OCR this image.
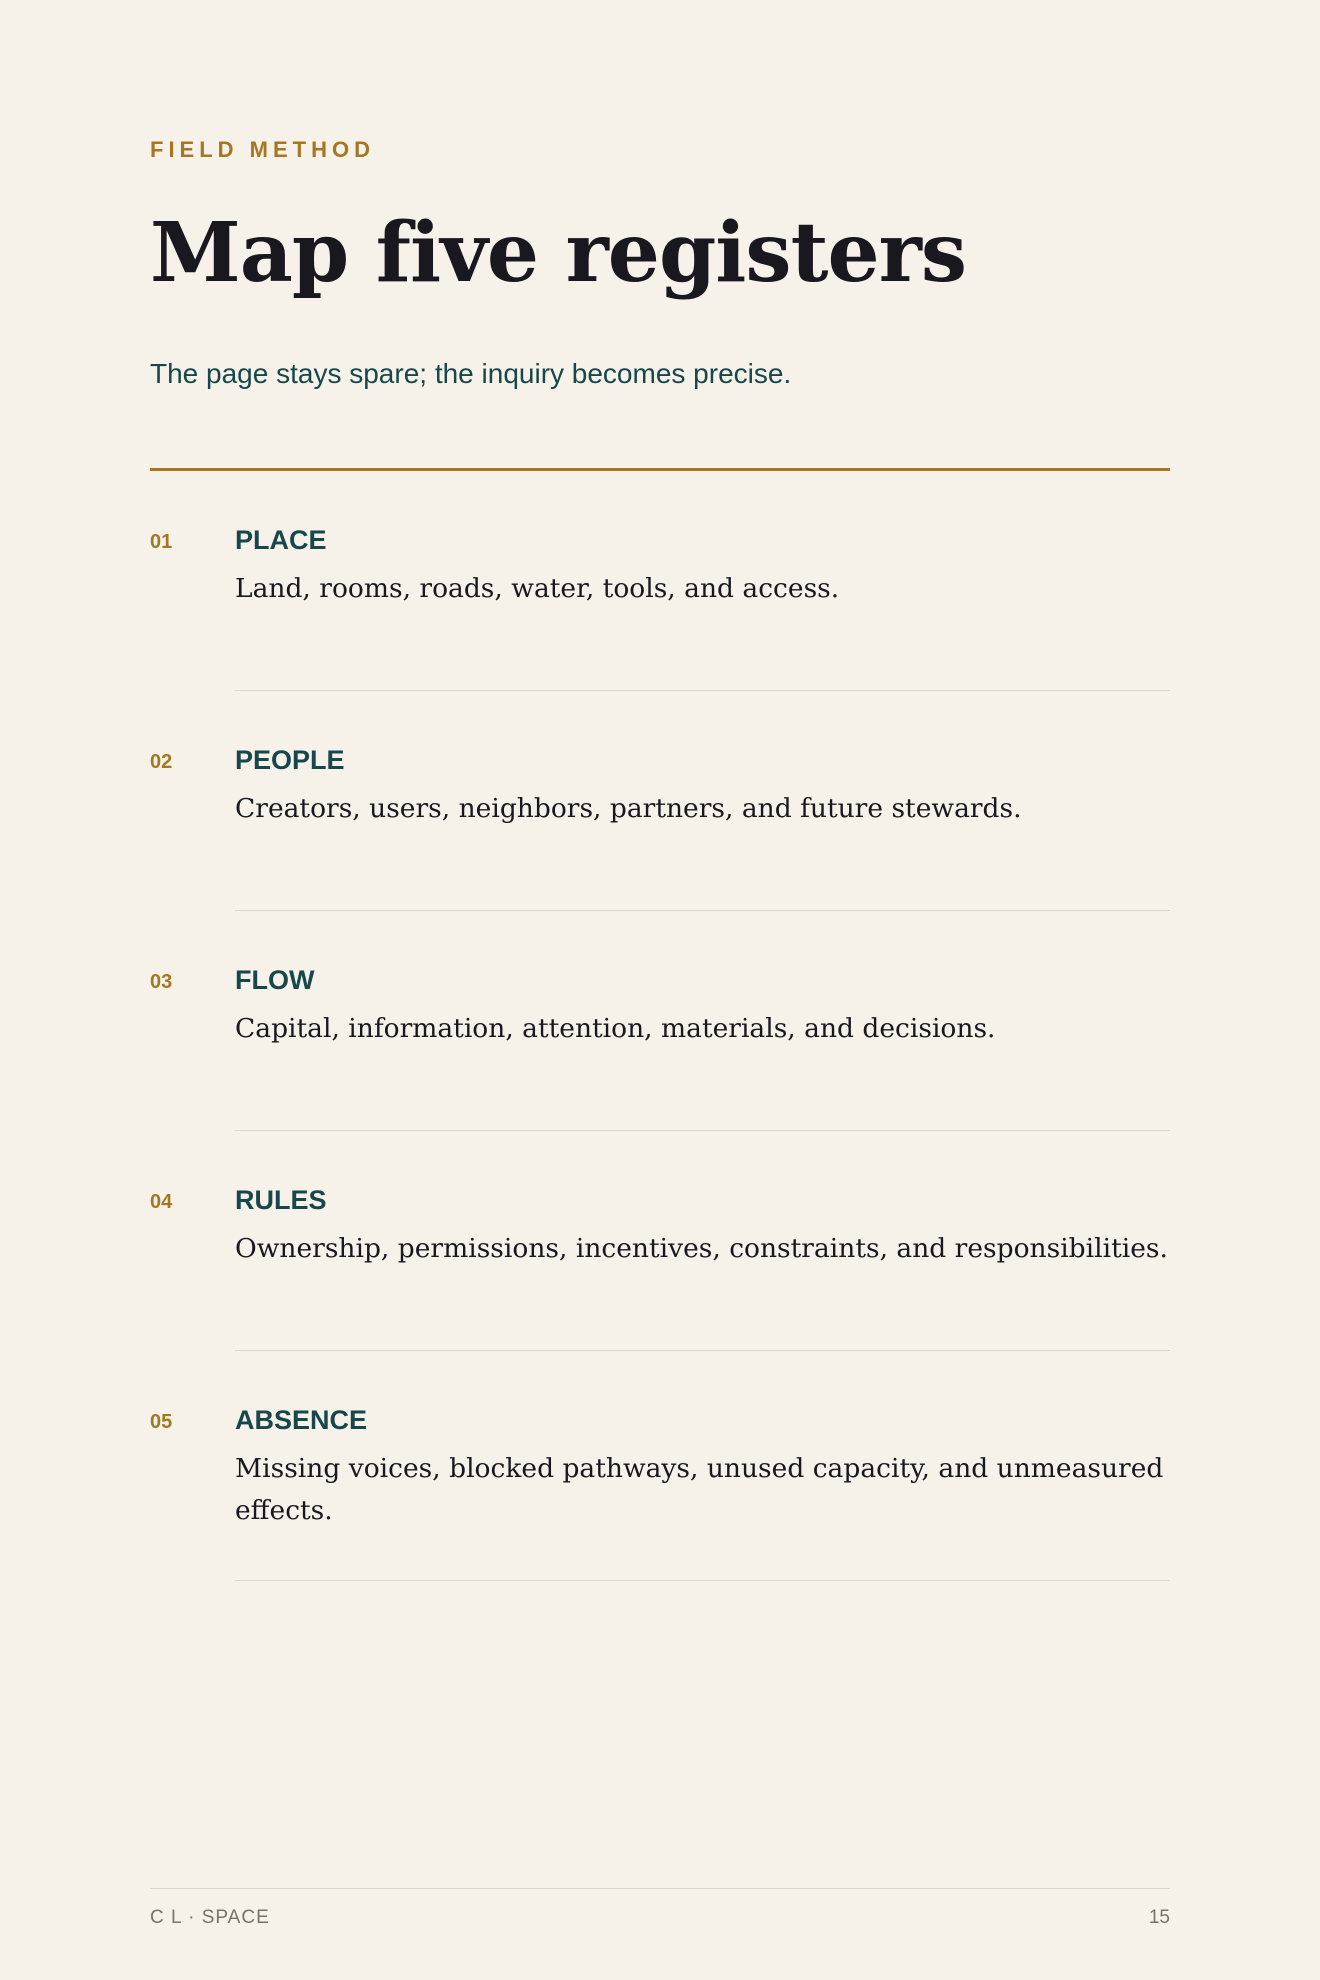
FIELD METHOD
Map five registers

The page stays spare; the inquiry becomes precise.

01 PLACE

Land, rooms, roads, water, tools, and access.

02 PEOPLE

Creators, users, neighbors, partners, and future stewards.

03 FLOW

Capital, information, attention, materials, and decisions.

04 RULES

Ownership, permissions, incentives, constraints, and responsibilities.

05 ABSENCE

Missing voices, blocked pathways, unused capacity, and unmeasured effects.

C L · SPACE	15
